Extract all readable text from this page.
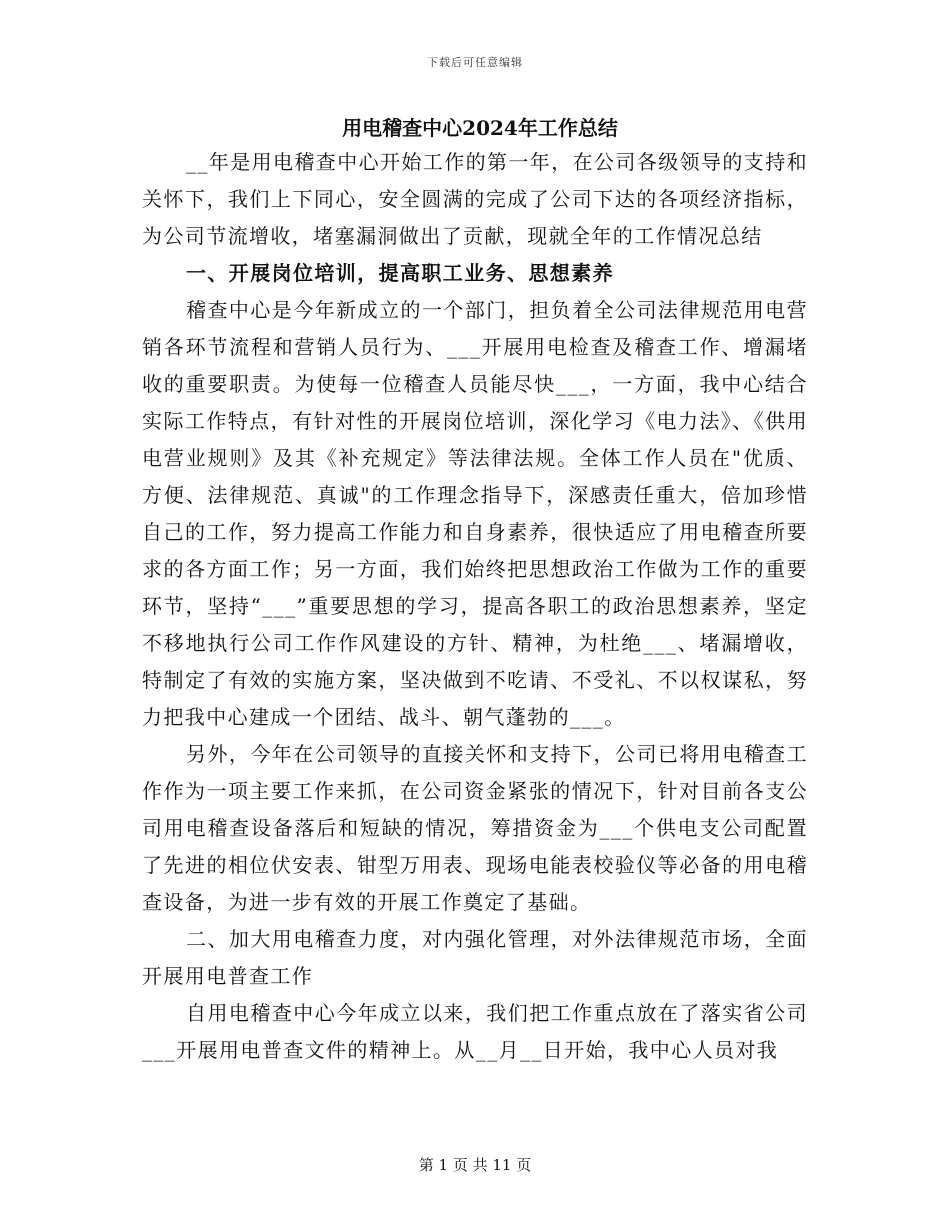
下载后可任意编辑
用电稽查中心2024年工作总结

__年是用电稽查中心开始工作的第一年，在公司各级领导的支持和关怀下，我们上下同心，安全圆满的完成了公司下达的各项经济指标，为公司节流增收，堵塞漏洞做出了贡献，现就全年的工作情况总结

一、开展岗位培训，提高职工业务、思想素养

稽查中心是今年新成立的一个部门，担负着全公司法律规范用电营销各环节流程和营销人员行为、___开展用电检查及稽查工作、增漏堵收的重要职责。为使每一位稽查人员能尽快___，一方面，我中心结合实际工作特点，有针对性的开展岗位培训，深化学习《电力法》、《供用电营业规则》及其《补充规定》等法律法规。全体工作人员在"优质、方便、法律规范、真诚"的工作理念指导下，深感责任重大，倍加珍惜自己的工作，努力提高工作能力和自身素养，很快适应了用电稽查所要求的各方面工作；另一方面，我们始终把思想政治工作做为工作的重要环节，坚持“___”重要思想的学习，提高各职工的政治思想素养，坚定不移地执行公司工作作风建设的方针、精神，为杜绝___、堵漏增收，特制定了有效的实施方案，坚决做到不吃请、不受礼、不以权谋私，努力把我中心建成一个团结、战斗、朝气蓬勃的___。

另外，今年在公司领导的直接关怀和支持下，公司已将用电稽查工作作为一项主要工作来抓，在公司资金紧张的情况下，针对目前各支公司用电稽查设备落后和短缺的情况，筹措资金为___个供电支公司配置了先进的相位伏安表、钳型万用表、现场电能表校验仪等必备的用电稽查设备，为进一步有效的开展工作奠定了基础。

二、加大用电稽查力度，对内强化管理，对外法律规范市场，全面开展用电普查工作

自用电稽查中心今年成立以来，我们把工作重点放在了落实省公司___开展用电普查文件的精神上。从__月__日开始，我中心人员对我

第 1 页 共 11 页
